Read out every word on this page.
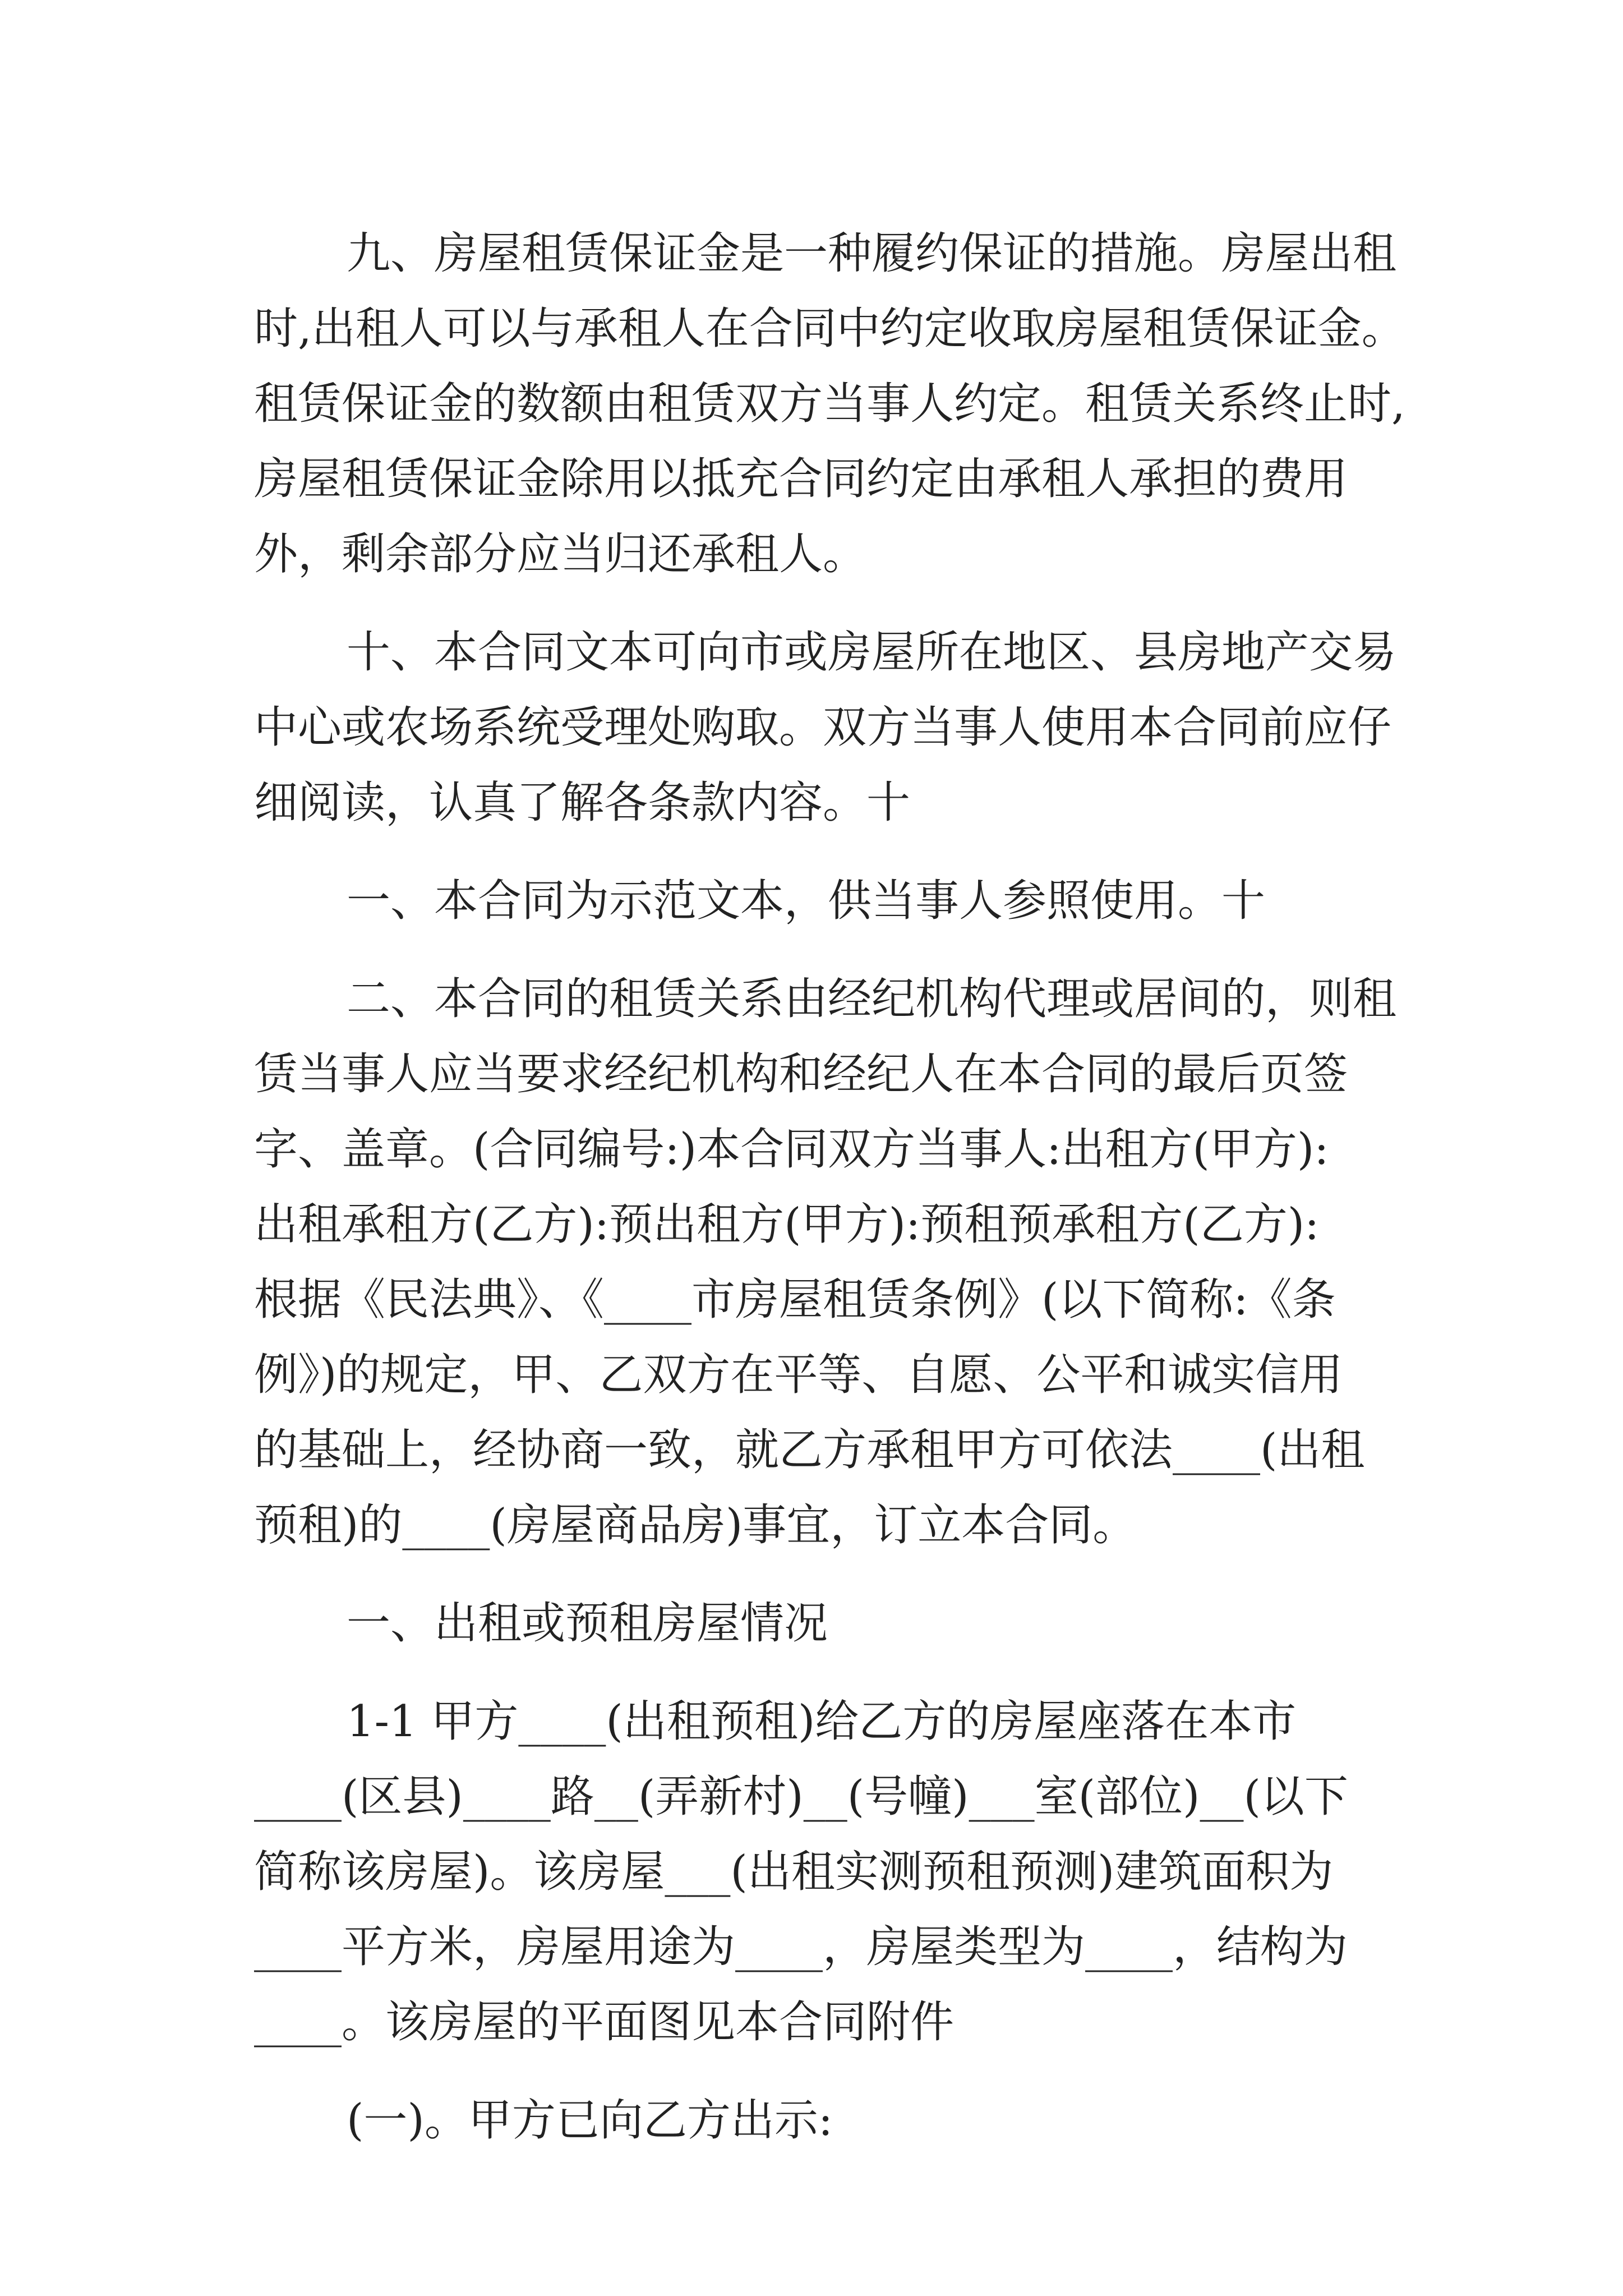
九、房屋租赁保证金是一种履约保证的措施。房屋出租
时,出租人可以与承租人在合同中约定收取房屋租赁保证金。
租赁保证金的数额由租赁双方当事人约定。租赁关系终止时,
房屋租赁保证金除用以抵充合同约定由承租人承担的费用
外，剩余部分应当归还承租人。

十、本合同文本可向市或房屋所在地区、县房地产交易
中心或农场系统受理处购取。双方当事人使用本合同前应仔
细阅读，认真了解各条款内容。十

一、本合同为示范文本，供当事人参照使用。十

二、本合同的租赁关系由经纪机构代理或居间的，则租
赁当事人应当要求经纪机构和经纪人在本合同的最后页签
字、盖章。(合同编号:)本合同双方当事人:出租方(甲方):
出租承租方(乙方):预出租方(甲方):预租预承租方(乙方):
根据《民法典》、《____市房屋租赁条例》(以下简称:《条
例》)的规定，甲、乙双方在平等、自愿、公平和诚实信用
的基础上，经协商一致，就乙方承租甲方可依法____(出租
预租)的____(房屋商品房)事宜，订立本合同。

一、出租或预租房屋情况

1-1 甲方____(出租预租)给乙方的房屋座落在本市
____(区县)____路__(弄新村)__(号幢)___室(部位)__(以下
简称该房屋)。该房屋___(出租实测预租预测)建筑面积为
____平方米，房屋用途为____，房屋类型为____，结构为
____。该房屋的平面图见本合同附件

(一)。甲方已向乙方出示:
